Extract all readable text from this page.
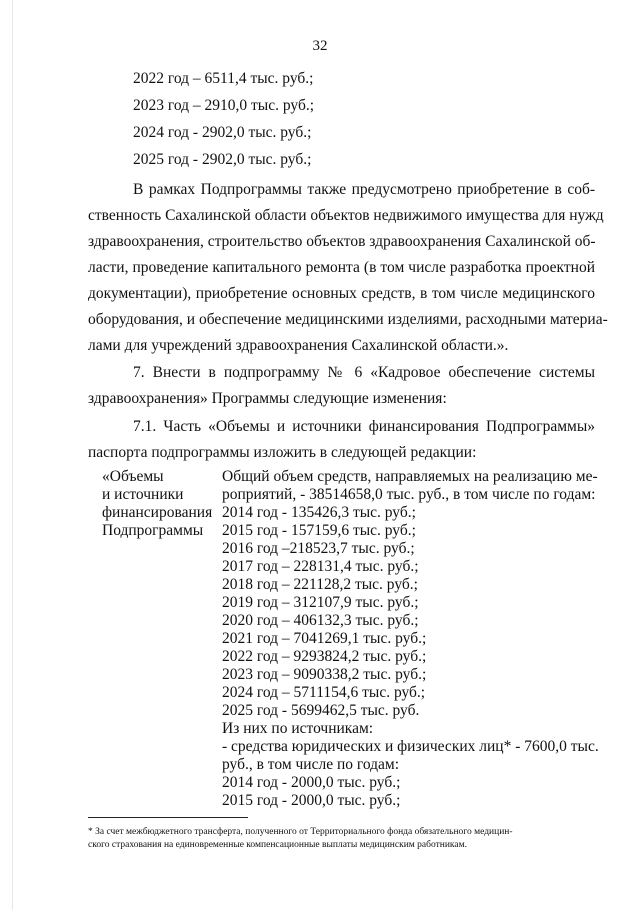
32
2022 год – 6511,4 тыс. руб.;
2023 год – 2910,0 тыс. руб.;
2024 год - 2902,0 тыс. руб.;
2025 год - 2902,0 тыс. руб.;
В рамках Подпрограммы также предусмотрено приобретение в соб-
ственность Сахалинской области объектов недвижимого имущества для нужд
здравоохранения, строительство объектов здравоохранения Сахалинской об-
ласти, проведение капитального ремонта (в том числе разработка проектной
документации), приобретение основных средств, в том числе медицинского
оборудования, и обеспечение медицинскими изделиями, расходными материа-
лами для учреждений здравоохранения Сахалинской области.».
7. Внести в подпрограмму № 6 «Кадровое обеспечение системы
здравоохранения» Программы следующие изменения:
7.1. Часть «Объемы и источники финансирования Подпрограммы»
паспорта подпрограммы изложить в следующей редакции:
«Объемы
и источники
финансирования
Подпрограммы
Общий объем средств, направляемых на реализацию ме-
роприятий, - 38514658,0 тыс. руб., в том числе по годам:
2014 год - 135426,3 тыс. руб.;
2015 год - 157159,6 тыс. руб.;
2016 год –218523,7 тыс. руб.;
2017 год – 228131,4 тыс. руб.;
2018 год – 221128,2 тыс. руб.;
2019 год – 312107,9 тыс. руб.;
2020 год – 406132,3 тыс. руб.;
2021 год – 7041269,1 тыс. руб.;
2022 год – 9293824,2 тыс. руб.;
2023 год – 9090338,2 тыс. руб.;
2024 год – 5711154,6 тыс. руб.;
2025 год - 5699462,5 тыс. руб.
Из них по источникам:
- средства юридических и физических лиц* - 7600,0 тыс.
руб., в том числе по годам:
2014 год - 2000,0 тыс. руб.;
2015 год - 2000,0 тыс. руб.;
* За счет межбюджетного трансферта, полученного от Территориального фонда обязательного медицин-
ского страхования на единовременные компенсационные выплаты медицинским работникам.
